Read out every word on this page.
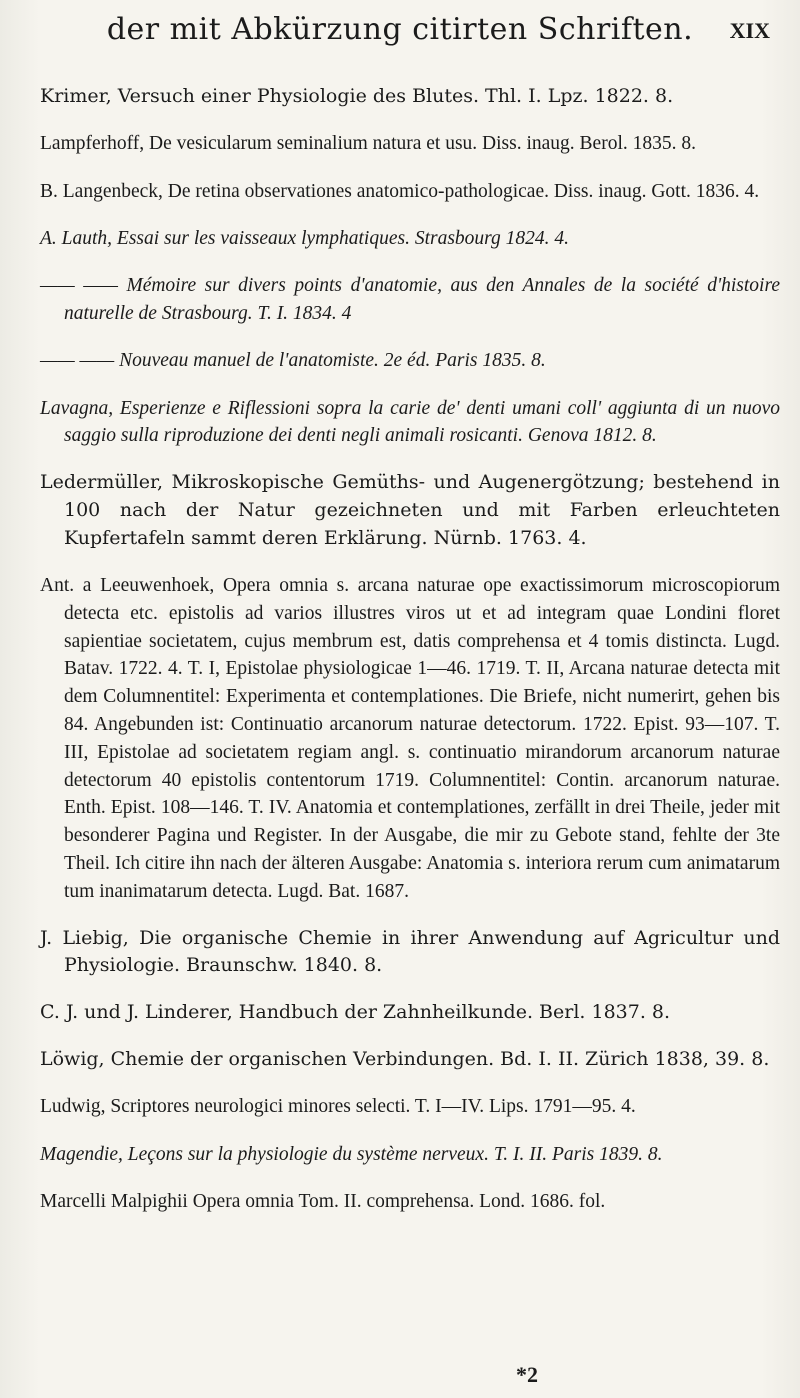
der mit Abkürzung citirten Schriften.	XIX

Krimer, Versuch einer Physiologie des Blutes. Thl. I. Lpz. 1822. 8.

Lampferhoff, De vesicularum seminalium natura et usu. Diss. inaug. Berol. 1835. 8.

B. Langenbeck, De retina observationes anatomico-pathologicae. Diss. inaug. Gott. 1836. 4.

A. Lauth, Essai sur les vaisseaux lymphatiques. Strasbourg 1824. 4.

—— —— Mémoire sur divers points d'anatomie, aus den Annales de la société d'histoire naturelle de Strasbourg. T. I. 1834. 4

—— —— Nouveau manuel de l'anatomiste. 2e éd. Paris 1835. 8.

Lavagna, Esperienze e Riflessioni sopra la carie de' denti umani coll' aggiunta di un nuovo saggio sulla riproduzione dei denti negli animali rosicanti. Genova 1812. 8.

Ledermüller, Mikroskopische Gemüths- und Augenergötzung; bestehend in 100 nach der Natur gezeichneten und mit Farben erleuchteten Kupfertafeln sammt deren Erklärung. Nürnb. 1763. 4.

Ant. a Leeuwenhoek, Opera omnia s. arcana naturae ope exactissimorum microscopiorum detecta etc. epistolis ad varios illustres viros ut et ad integram quae Londini floret sapientiae societatem, cujus membrum est, datis comprehensa et 4 tomis distincta. Lugd. Batav. 1722. 4. T. I, Epistolae physiologicae 1—46. 1719. T. II, Arcana naturae detecta mit dem Columnentitel: Experimenta et contemplationes. Die Briefe, nicht numerirt, gehen bis 84. Angebunden ist: Continuatio arcanorum naturae detectorum. 1722. Epist. 93—107. T. III, Epistolae ad societatem regiam angl. s. continuatio mirandorum arcanorum naturae detectorum 40 epistolis contentorum 1719. Columnentitel: Contin. arcanorum naturae. Enth. Epist. 108—146. T. IV. Anatomia et contemplationes, zerfällt in drei Theile, jeder mit besonderer Pagina und Register. In der Ausgabe, die mir zu Gebote stand, fehlte der 3te Theil. Ich citire ihn nach der älteren Ausgabe: Anatomia s. interiora rerum cum animatarum tum inanimatarum detecta. Lugd. Bat. 1687.

J. Liebig, Die organische Chemie in ihrer Anwendung auf Agricultur und Physiologie. Braunschw. 1840. 8.

C. J. und J. Linderer, Handbuch der Zahnheilkunde. Berl. 1837. 8.

Löwig, Chemie der organischen Verbindungen. Bd. I. II. Zürich 1838, 39. 8.

Ludwig, Scriptores neurologici minores selecti. T. I—IV. Lips. 1791—95. 4.

Magendie, Leçons sur la physiologie du système nerveux. T. I. II. Paris 1839. 8.

Marcelli Malpighii Opera omnia Tom. II. comprehensa. Lond. 1686. fol.

*2
